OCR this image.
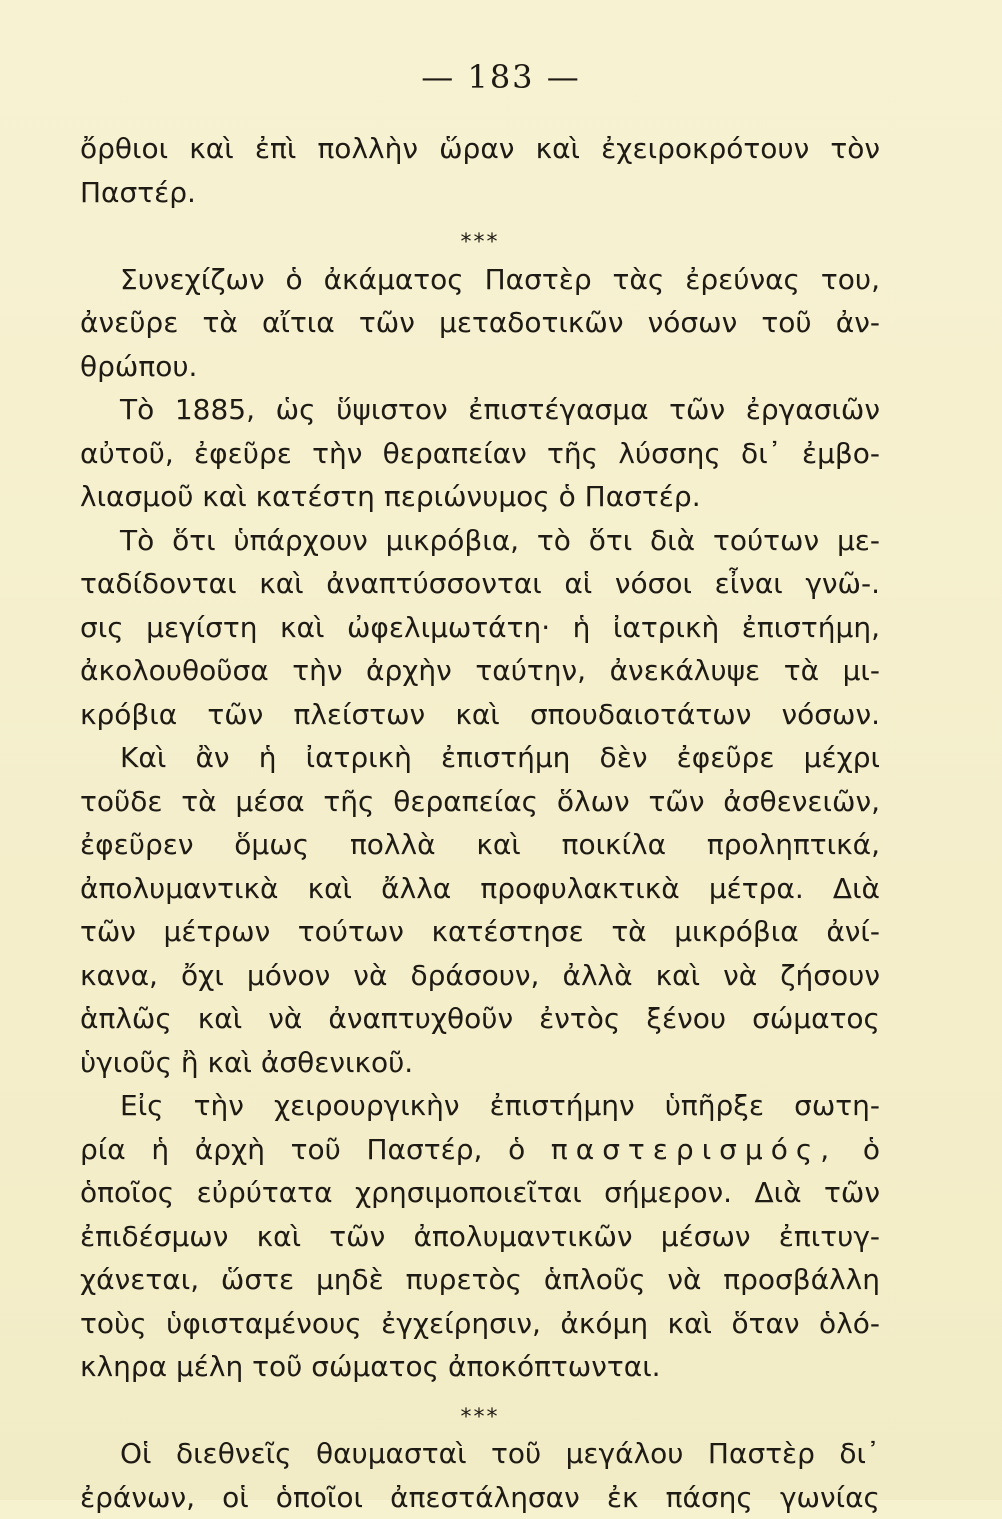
— 183 —
ὄρθιοι καὶ ἐπὶ πολλὴν ὥραν καὶ ἐχειροκρότουν τὸν
Παστέρ.
⁎⁎⁎
Συνεχίζων ὁ ἀκάματος Παστὲρ τὰς ἐρεύνας του,
ἀνεῦρε τὰ αἴτια τῶν μεταδοτικῶν νόσων τοῦ ἀν-
θρώπου.
Τὸ 1885, ὡς ὕψιστον ἐπιστέγασμα τῶν ἐργασιῶν
αὐτοῦ, ἐφεῦρε τὴν θεραπείαν τῆς λύσσης δι᾽ ἐμβο-
λιασμοῦ καὶ κατέστη περιώνυμος ὁ Παστέρ.
Τὸ ὅτι ὑπάρχουν μικρόβια, τὸ ὅτι διὰ τούτων με-
ταδίδονται καὶ ἀναπτύσσονται αἱ νόσοι εἶναι γνῶ-.
σις μεγίστη καὶ ὠφελιμωτάτη· ἡ ἰατρικὴ ἐπιστήμη,
ἀκολουθοῦσα τὴν ἀρχὴν ταύτην, ἀνεκάλυψε τὰ μι-
κρόβια τῶν πλείστων καὶ σπουδαιοτάτων νόσων.
Καὶ ἂν ἡ ἰατρικὴ ἐπιστήμη δὲν ἐφεῦρε μέχρι
τοῦδε τὰ μέσα τῆς θεραπείας ὅλων τῶν ἀσθενειῶν,
ἐφεῦρεν ὅμως πολλὰ καὶ ποικίλα προληπτικά,
ἀπολυμαντικὰ καὶ ἄλλα προφυλακτικὰ μέτρα. Διὰ
τῶν μέτρων τούτων κατέστησε τὰ μικρόβια ἀνί-
κανα, ὄχι μόνον νὰ δράσουν, ἀλλὰ καὶ νὰ ζήσουν
ἁπλῶς καὶ νὰ ἀναπτυχθοῦν ἐντὸς ξένου σώματος
ὑγιοῦς ἢ καὶ ἀσθενικοῦ.
Εἰς τὴν χειρουργικὴν ἐπιστήμην ὑπῆρξε σωτη-
ρία ἡ ἀρχὴ τοῦ Παστέρ, ὁ παστερισμός, ὁ
ὁποῖος εὐρύτατα χρησιμοποιεῖται σήμερον. Διὰ τῶν
ἐπιδέσμων καὶ τῶν ἀπολυμαντικῶν μέσων ἐπιτυγ-
χάνεται, ὥστε μηδὲ πυρετὸς ἁπλοῦς νὰ προσβάλλη
τοὺς ὑφισταμένους ἐγχείρησιν, ἀκόμη καὶ ὅταν ὁλό-
κληρα μέλη τοῦ σώματος ἀποκόπτωνται.
⁎⁎⁎
Οἱ διεθνεῖς θαυμασταὶ τοῦ μεγάλου Παστὲρ δι᾽
ἐράνων, οἱ ὁποῖοι ἀπεστάλησαν ἐκ πάσης γωνίας
